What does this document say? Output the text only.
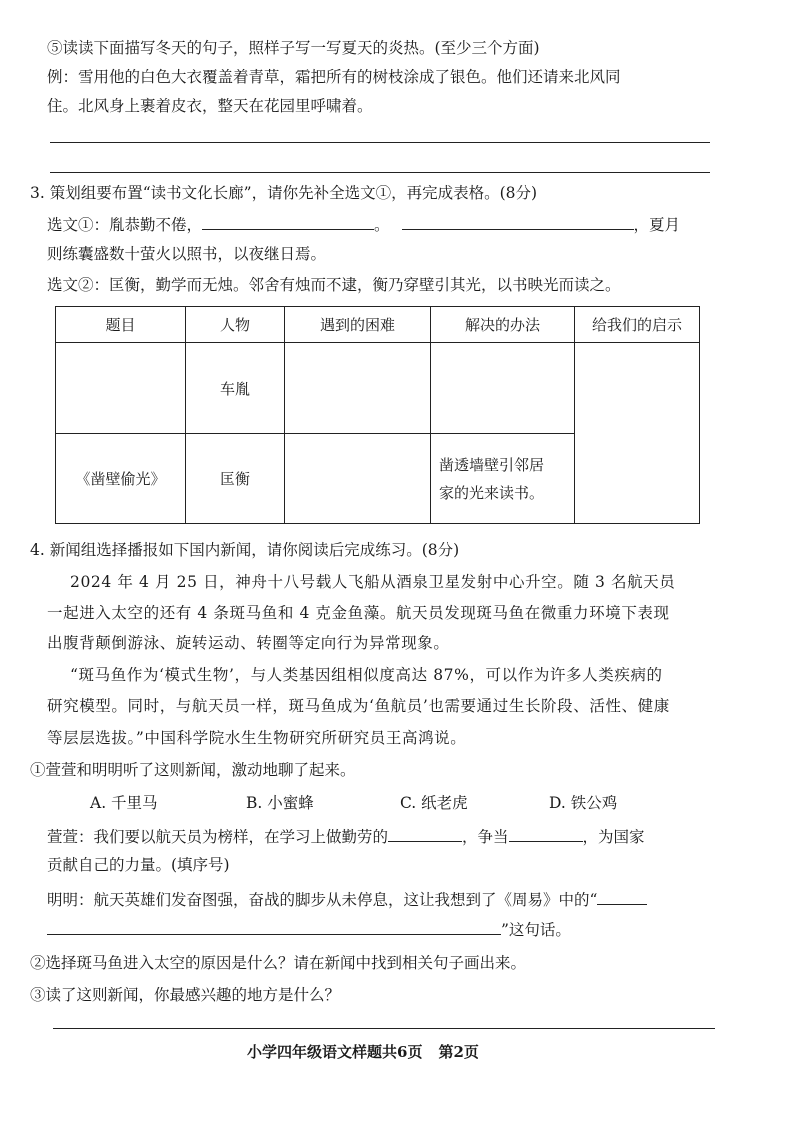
⑤读读下面描写冬天的句子，照样子写一写夏天的炎热。(至少三个方面)
例：雪用他的白色大衣覆盖着青草，霜把所有的树枝涂成了银色。他们还请来北风同
住。北风身上裹着皮衣，整天在花园里呼啸着。
3. 策划组要布置“读书文化长廊”，请你先补全选文①，再完成表格。(8分)
选文①：胤恭勤不倦，	。	，夏月
则练囊盛数十萤火以照书，以夜继日焉。
选文②：匡衡，勤学而无烛。邻舍有烛而不逮，衡乃穿壁引其光，以书映光而读之。
题目	人物	遇到的困难	解决的办法	给我们的启示
	车胤			
《凿壁偷光》	匡衡		凿透墙壁引邻居
家的光来读书。	
4. 新闻组选择播报如下国内新闻，请你阅读后完成练习。(8分)
2024 年 4 月 25 日，神舟十八号载人飞船从酒泉卫星发射中心升空。随 3 名航天员
一起进入太空的还有 4 条斑马鱼和 4 克金鱼藻。航天员发现斑马鱼在微重力环境下表现
出腹背颠倒游泳、旋转运动、转圈等定向行为异常现象。
“斑马鱼作为‘模式生物’，与人类基因组相似度高达 87%，可以作为许多人类疾病的
研究模型。同时，与航天员一样，斑马鱼成为‘鱼航员’也需要通过生长阶段、活性、健康
等层层选拔。”中国科学院水生生物研究所研究员王高鸿说。
①萱萱和明明听了这则新闻，激动地聊了起来。
A. 千里马	B. 小蜜蜂	C. 纸老虎	D. 铁公鸡
萱萱：我们要以航天员为榜样，在学习上做勤劳的	，争当	，为国家
贡献自己的力量。(填序号)
明明：航天英雄们发奋图强，奋战的脚步从未停息，这让我想到了《周易》中的“
”这句话。
②选择斑马鱼进入太空的原因是什么？请在新闻中找到相关句子画出来。
③读了这则新闻，你最感兴趣的地方是什么？
小学四年级语文样题共6页 第2页
